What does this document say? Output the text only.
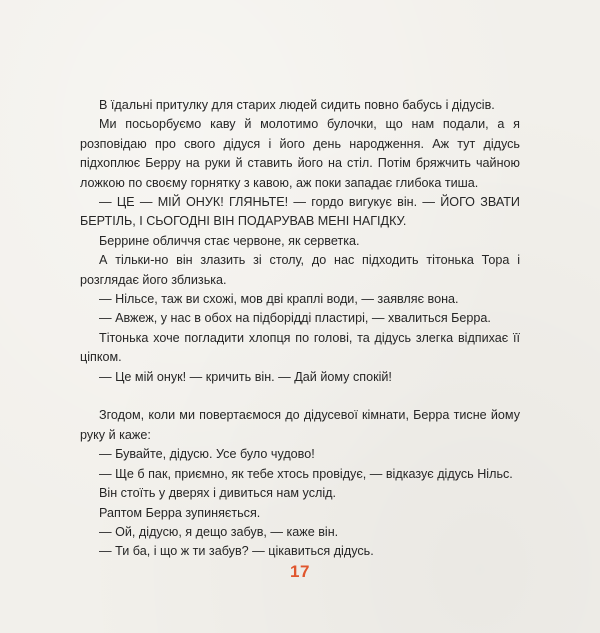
В їдальні притулку для старих людей сидить повно бабусь і дідусів.

Ми посьорбуємо каву й молотимо булочки, що нам подали, а я розповідаю про свого дідуся і його день народження. Аж тут дідусь підхоплює Берру на руки й ставить його на стіл. Потім бряжчить чайною ложкою по своєму горнятку з кавою, аж поки западає глибока тиша.

— ЦЕ — МІЙ ОНУК! ГЛЯНЬТЕ! — гордо вигукує він. — ЙОГО ЗВАТИ БЕРТІЛЬ, І СЬОГОДНІ ВІН ПОДАРУВАВ МЕНІ НАГІДКУ.

Беррине обличчя стає червоне, як серветка.

А тільки-но він злазить зі столу, до нас підходить тітонька Тора і розглядає його зблизька.

— Нільсе, таж ви схожі, мов дві краплі води, — заявляє вона.

— Авжеж, у нас в обох на підборідді пластирі, — хвалиться Берра.

Тітонька хоче погладити хлопця по голові, та дідусь злегка відпихає її ціпком.

— Це мій онук! — кричить він. — Дай йому спокій!

Згодом, коли ми повертаємося до дідусевої кімнати, Берра тисне йому руку й каже:

— Бувайте, дідусю. Усе було чудово!

— Ще б пак, приємно, як тебе хтось провідує, — відказує дідусь Нільс.

Він стоїть у дверях і дивиться нам услід.

Раптом Берра зупиняється.

— Ой, дідусю, я дещо забув, — каже він.

— Ти ба, і що ж ти забув? — цікавиться дідусь.

17
